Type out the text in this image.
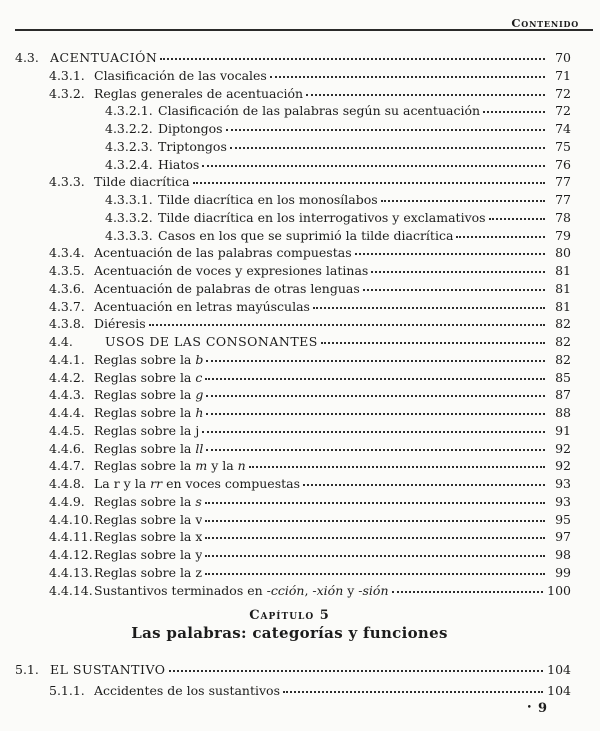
Contenido
4.3. ACENTUACIÓN	70
4.3.1. Clasificación de las vocales	71
4.3.2. Reglas generales de acentuación	72
4.3.2.1. Clasificación de las palabras según su acentuación	72
4.3.2.2. Diptongos	74
4.3.2.3. Triptongos	75
4.3.2.4. Hiatos	76
4.3.3. Tilde diacrítica	77
4.3.3.1. Tilde diacrítica en los monosílabos	77
4.3.3.2. Tilde diacrítica en los interrogativos y exclamativos	78
4.3.3.3. Casos en los que se suprimió la tilde diacrítica	79
4.3.4. Acentuación de las palabras compuestas	80
4.3.5. Acentuación de voces y expresiones latinas	81
4.3.6. Acentuación de palabras de otras lenguas	81
4.3.7. Acentuación en letras mayúsculas	81
4.3.8. Diéresis	82
4.4.	USOS DE LAS CONSONANTES	82
4.4.1. Reglas sobre la b	82
4.4.2. Reglas sobre la c	85
4.4.3. Reglas sobre la g	87
4.4.4. Reglas sobre la h	88
4.4.5. Reglas sobre la j	91
4.4.6. Reglas sobre la ll	92
4.4.7. Reglas sobre la m y la n	92
4.4.8. La r y la rr en voces compuestas	93
4.4.9. Reglas sobre la s	93
4.4.10. Reglas sobre la v	95
4.4.11. Reglas sobre la x	97
4.4.12. Reglas sobre la y	98
4.4.13. Reglas sobre la z	99
4.4.14. Sustantivos terminados en -cción, -xión y -sión	100
Capítulo 5
Las palabras: categorías y funciones
5.1. EL SUSTANTIVO	104
5.1.1. Accidentes de los sustantivos	104
• 9
